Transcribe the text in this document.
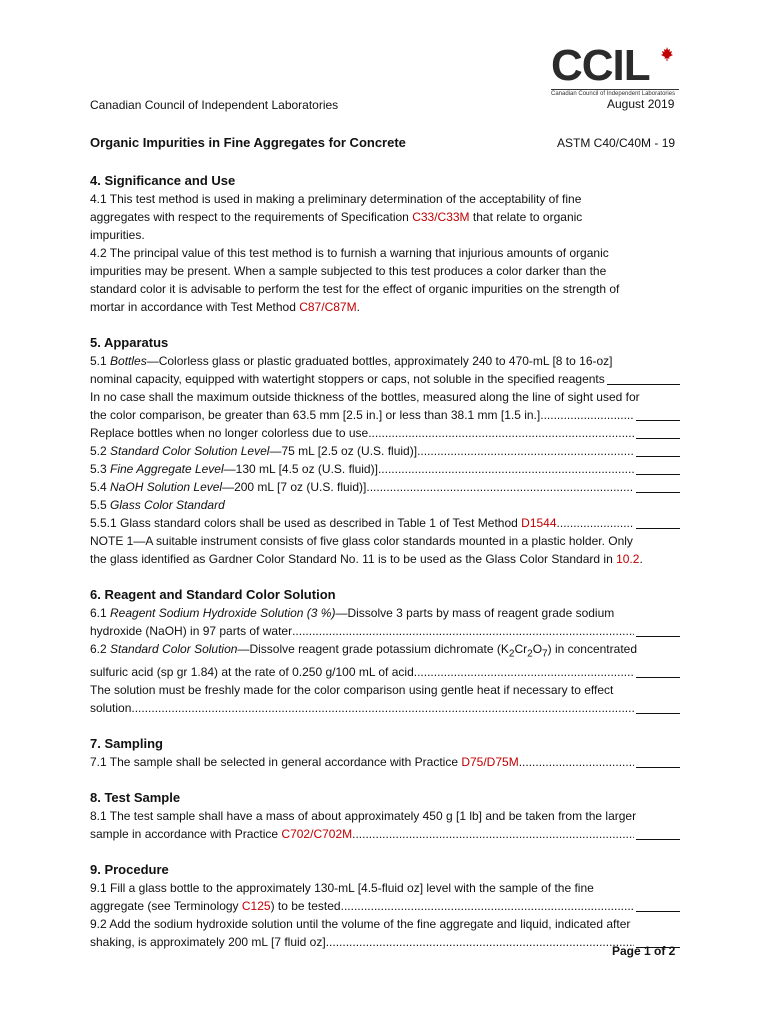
CCIL
Canadian Council of Independent Laboratories
Canadian Council of Independent Laboratories	August 2019
Organic Impurities in Fine Aggregates for Concrete	ASTM C40/C40M - 19
4. Significance and Use
4.1 This test method is used in making a preliminary determination of the acceptability of fine
aggregates with respect to the requirements of Specification C33/C33M that relate to organic
impurities.
4.2 The principal value of this test method is to furnish a warning that injurious amounts of organic
impurities may be present. When a sample subjected to this test produces a color darker than the
standard color it is advisable to perform the test for the effect of organic impurities on the strength of
mortar in accordance with Test Method C87/C87M.
5. Apparatus
5.1 Bottles—Colorless glass or plastic graduated bottles, approximately 240 to 470-mL [8 to 16-oz]
nominal capacity, equipped with watertight stoppers or caps, not soluble in the specified reagents
In no case shall the maximum outside thickness of the bottles, measured along the line of sight used for
the color comparison, be greater than 63.5 mm [2.5 in.] or less than 38.1 mm [1.5 in.]
.....
Replace bottles when no longer colorless due to use
.....
5.2 Standard Color Solution Level—75 mL [2.5 oz (U.S. fluid)]
.....
5.3 Fine Aggregate Level—130 mL [4.5 oz (U.S. fluid)]
.....
5.4 NaOH Solution Level—200 mL [7 oz (U.S. fluid)]
.....
5.5 Glass Color Standard
5.5.1 Glass standard colors shall be used as described in Table 1 of Test Method D1544
.....
NOTE 1—A suitable instrument consists of five glass color standards mounted in a plastic holder. Only
the glass identified as Gardner Color Standard No. 11 is to be used as the Glass Color Standard in 10.2.
6. Reagent and Standard Color Solution
6.1 Reagent Sodium Hydroxide Solution (3 %)—Dissolve 3 parts by mass of reagent grade sodium
hydroxide (NaOH) in 97 parts of water
.....
6.2 Standard Color Solution—Dissolve reagent grade potassium dichromate $(K_2Cr_2O_7)$ in concentrated
sulfuric acid (sp gr 1.84) at the rate of 0.250 g/100 mL of acid
.....
The solution must be freshly made for the color comparison using gentle heat if necessary to effect
solution
.....
7. Sampling
7.1 The sample shall be selected in general accordance with Practice D75/D75M
.....
8. Test Sample
8.1 The test sample shall have a mass of about approximately 450 g [1 lb] and be taken from the larger
sample in accordance with Practice C702/C702M
.....
9. Procedure
9.1 Fill a glass bottle to the approximately 130-mL [4.5-fluid oz] level with the sample of the fine
aggregate (see Terminology C125) to be tested
.....
9.2 Add the sodium hydroxide solution until the volume of the fine aggregate and liquid, indicated after
shaking, is approximately 200 mL [7 fluid oz]
.....
Page 1 of 2
